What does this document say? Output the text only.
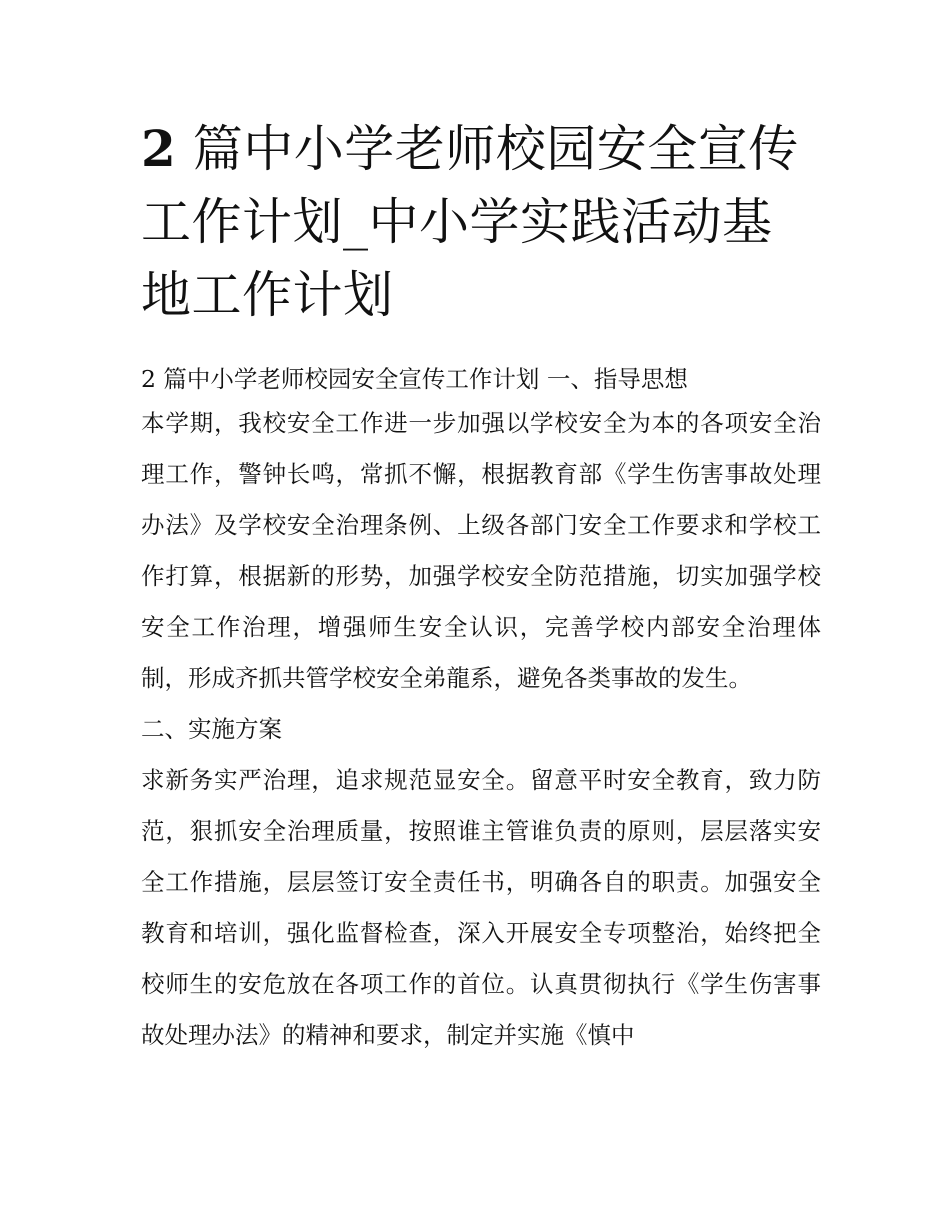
2 篇中小学老师校园安全宣传工作计划_中小学实践活动基地工作计划

2 篇中小学老师校园安全宣传工作计划 一、指导思想

本学期，我校安全工作进一步加强以学校安全为本的各项安全治理工作，警钟长鸣，常抓不懈，根据教育部《学生伤害事故处理办法》及学校安全治理条例、上级各部门安全工作要求和学校工作打算，根据新的形势，加强学校安全防范措施，切实加强学校安全工作治理，增强师生安全认识，完善学校内部安全治理体制，形成齐抓共管学校安全弟龍系，避免各类事故的发生。

二、实施方案

求新务实严治理，追求规范显安全。留意平时安全教育，致力防范，狠抓安全治理质量，按照谁主管谁负责的原则，层层落实安全工作措施，层层签订安全责任书，明确各自的职责。加强安全教育和培训，强化监督检查，深入开展安全专项整治，始终把全校师生的安危放在各项工作的首位。认真贯彻执行《学生伤害事故处理办法》的精神和要求，制定并实施《慎中
